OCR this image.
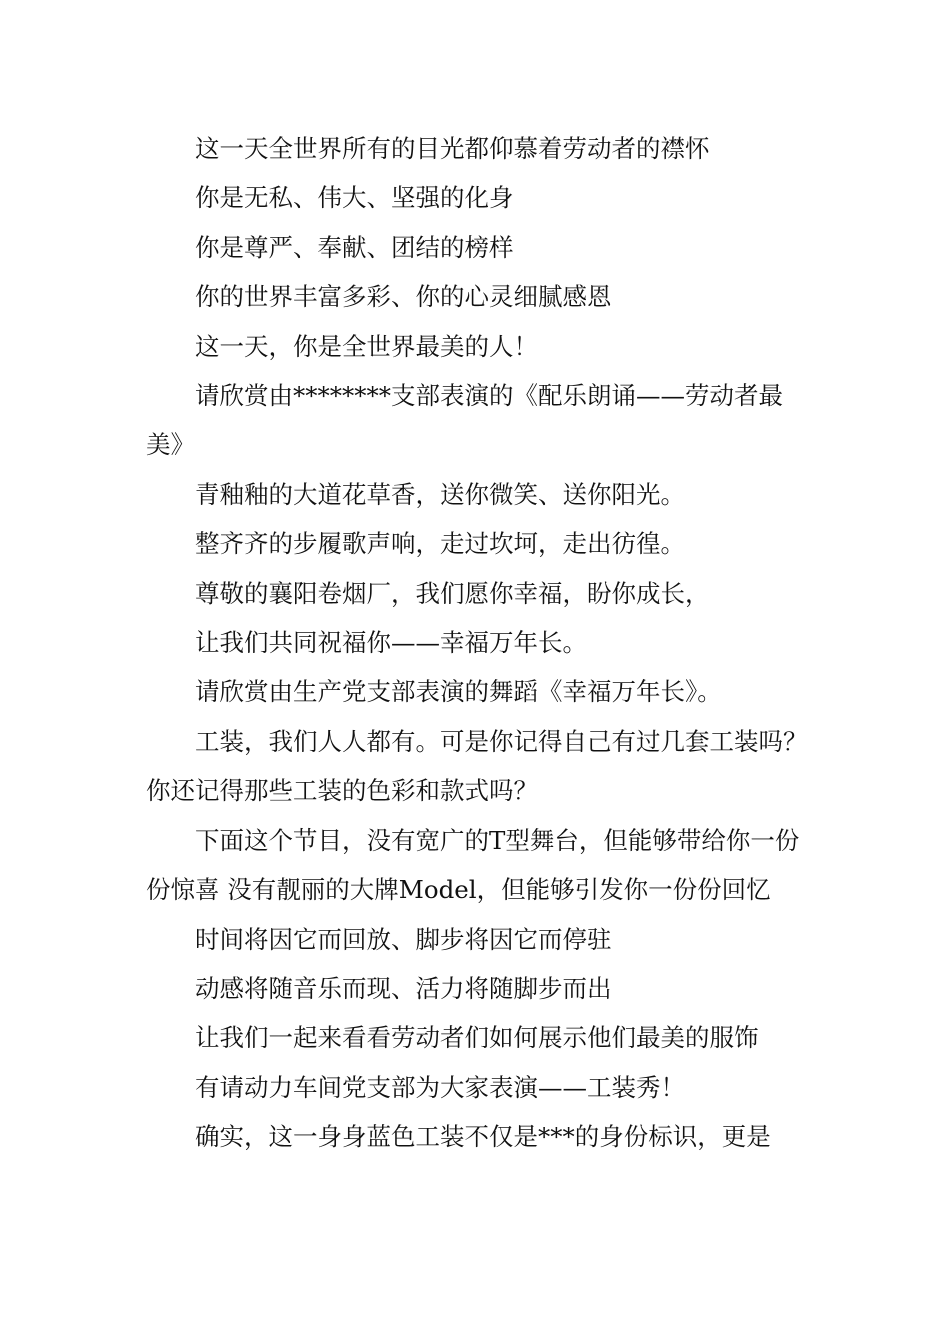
这一天全世界所有的目光都仰慕着劳动者的襟怀

你是无私、伟大、坚强的化身

你是尊严、奉献、团结的榜样

你的世界丰富多彩、你的心灵细腻感恩

这一天，你是全世界最美的人！

请欣赏由********支部表演的《配乐朗诵——劳动者最美》

青釉釉的大道花草香，送你微笑、送你阳光。

整齐齐的步履歌声响，走过坎坷，走出彷徨。

尊敬的襄阳卷烟厂，我们愿你幸福，盼你成长，

让我们共同祝福你——幸福万年长。

请欣赏由生产党支部表演的舞蹈《幸福万年长》。

工装，我们人人都有。可是你记得自己有过几套工装吗？ 你还记得那些工装的色彩和款式吗？

下面这个节目，没有宽广的T型舞台，但能够带给你一份份惊喜 没有靓丽的大牌Model，但能够引发你一份份回忆

时间将因它而回放、脚步将因它而停驻

动感将随音乐而现、活力将随脚步而出

让我们一起来看看劳动者们如何展示他们最美的服饰

有请动力车间党支部为大家表演——工装秀！

确实，这一身身蓝色工装不仅是***的身份标识，更是
